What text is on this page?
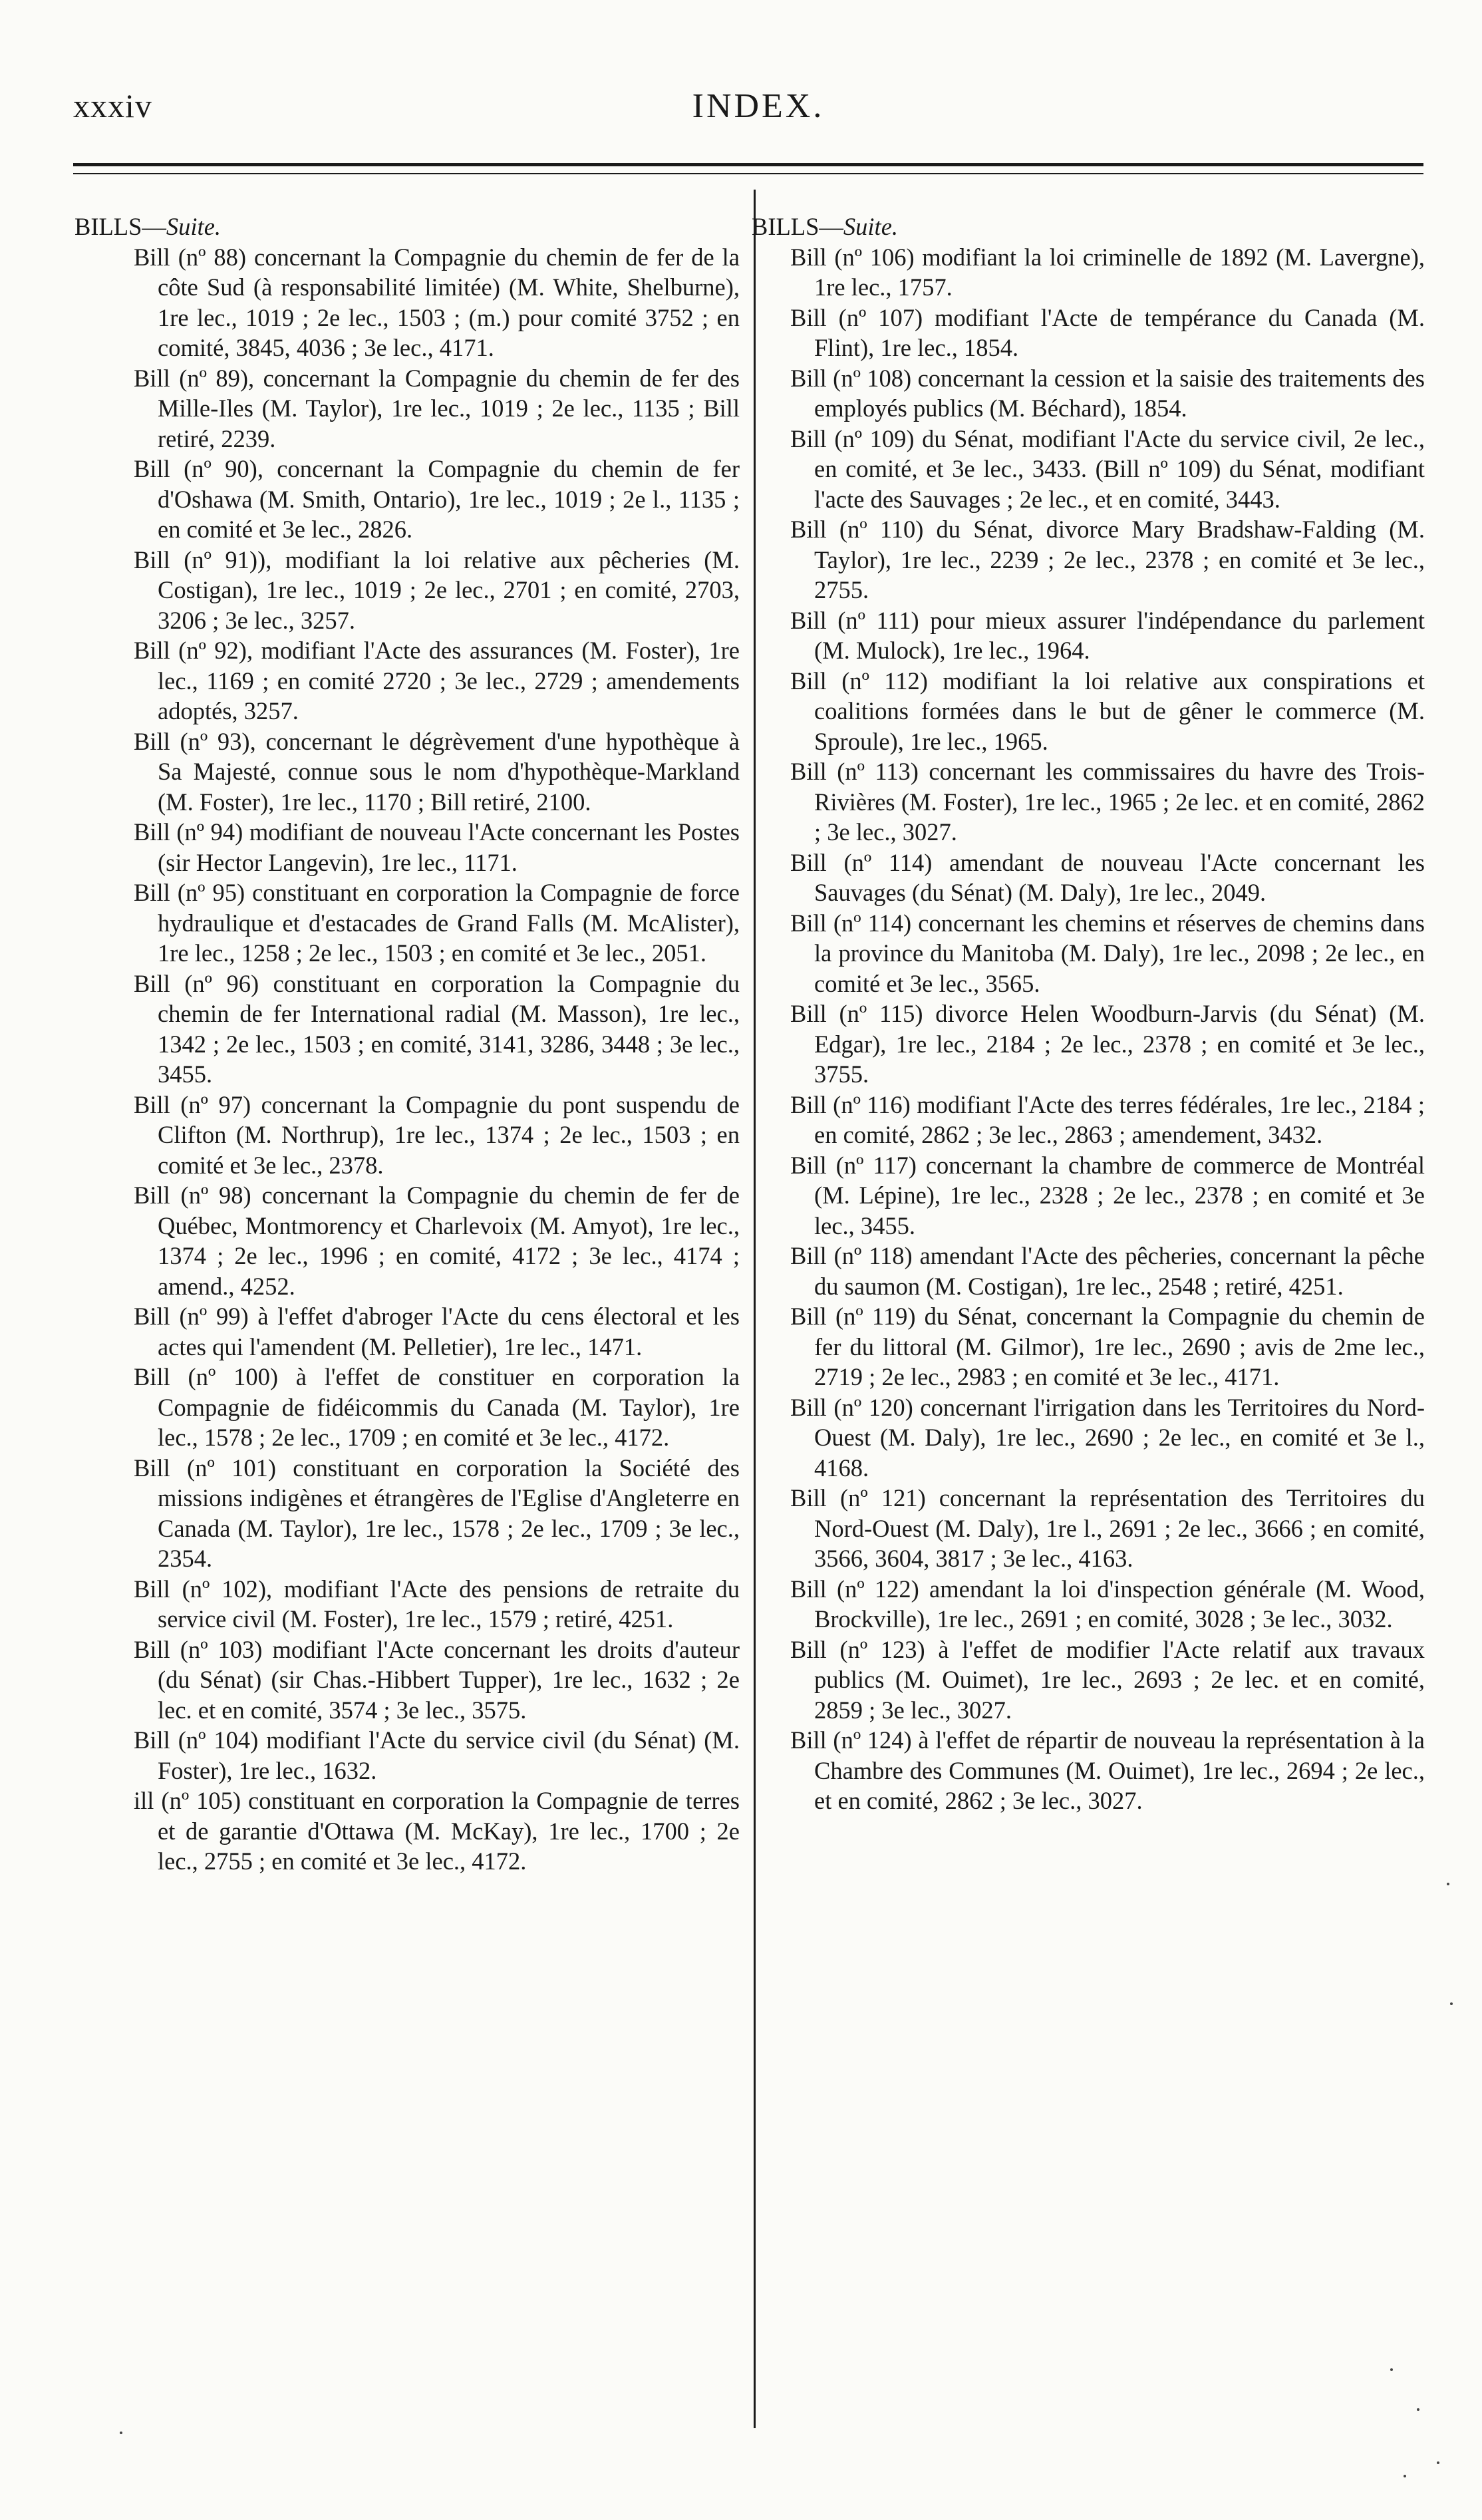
xxxiv	INDEX.

BILLS—Suite.

Bill (nº 88) concernant la Compagnie du chemin de fer de la côte Sud (à responsabilité limitée) (M. White, Shelburne), 1re lec., 1019 ; 2e lec., 1503 ; (m.) pour comité 3752 ; en comité, 3845, 4036 ; 3e lec., 4171.

Bill (nº 89), concernant la Compagnie du chemin de fer des Mille-Iles (M. Taylor), 1re lec., 1019 ; 2e lec., 1135 ; Bill retiré, 2239.

Bill (nº 90), concernant la Compagnie du chemin de fer d'Oshawa (M. Smith, Ontario), 1re lec., 1019 ; 2e l., 1135 ; en comité et 3e lec., 2826.

Bill (nº 91)), modifiant la loi relative aux pêcheries (M. Costigan), 1re lec., 1019 ; 2e lec., 2701 ; en comité, 2703, 3206 ; 3e lec., 3257.

Bill (nº 92), modifiant l'Acte des assurances (M. Foster), 1re lec., 1169 ; en comité 2720 ; 3e lec., 2729 ; amendements adoptés, 3257.

Bill (nº 93), concernant le dégrèvement d'une hypothèque à Sa Majesté, connue sous le nom d'hypothèque-Markland (M. Foster), 1re lec., 1170 ; Bill retiré, 2100.

Bill (nº 94) modifiant de nouveau l'Acte concernant les Postes (sir Hector Langevin), 1re lec., 1171.

Bill (nº 95) constituant en corporation la Compagnie de force hydraulique et d'estacades de Grand Falls (M. McAlister), 1re lec., 1258 ; 2e lec., 1503 ; en comité et 3e lec., 2051.

Bill (nº 96) constituant en corporation la Compagnie du chemin de fer International radial (M. Masson), 1re lec., 1342 ; 2e lec., 1503 ; en comité, 3141, 3286, 3448 ; 3e lec., 3455.

Bill (nº 97) concernant la Compagnie du pont suspendu de Clifton (M. Northrup), 1re lec., 1374 ; 2e lec., 1503 ; en comité et 3e lec., 2378.

Bill (nº 98) concernant la Compagnie du chemin de fer de Québec, Montmorency et Charlevoix (M. Amyot), 1re lec., 1374 ; 2e lec., 1996 ; en comité, 4172 ; 3e lec., 4174 ; amend., 4252.

Bill (nº 99) à l'effet d'abroger l'Acte du cens électoral et les actes qui l'amendent (M. Pelletier), 1re lec., 1471.

Bill (nº 100) à l'effet de constituer en corporation la Compagnie de fidéicommis du Canada (M. Taylor), 1re lec., 1578 ; 2e lec., 1709 ; en comité et 3e lec., 4172.

Bill (nº 101) constituant en corporation la Société des missions indigènes et étrangères de l'Eglise d'Angleterre en Canada (M. Taylor), 1re lec., 1578 ; 2e lec., 1709 ; 3e lec., 2354.

Bill (nº 102), modifiant l'Acte des pensions de retraite du service civil (M. Foster), 1re lec., 1579 ; retiré, 4251.

Bill (nº 103) modifiant l'Acte concernant les droits d'auteur (du Sénat) (sir Chas.-Hibbert Tupper), 1re lec., 1632 ; 2e lec. et en comité, 3574 ; 3e lec., 3575.

Bill (nº 104) modifiant l'Acte du service civil (du Sénat) (M. Foster), 1re lec., 1632.

ill (nº 105) constituant en corporation la Compagnie de terres et de garantie d'Ottawa (M. McKay), 1re lec., 1700 ; 2e lec., 2755 ; en comité et 3e lec., 4172.

BILLS—Suite.

Bill (nº 106) modifiant la loi criminelle de 1892 (M. Lavergne), 1re lec., 1757.

Bill (nº 107) modifiant l'Acte de tempérance du Canada (M. Flint), 1re lec., 1854.

Bill (nº 108) concernant la cession et la saisie des traitements des employés publics (M. Béchard), 1854.

Bill (nº 109) du Sénat, modifiant l'Acte du service civil, 2e lec., en comité, et 3e lec., 3433. (Bill nº 109) du Sénat, modifiant l'acte des Sauvages ; 2e lec., et en comité, 3443.

Bill (nº 110) du Sénat, divorce Mary Bradshaw-Falding (M. Taylor), 1re lec., 2239 ; 2e lec., 2378 ; en comité et 3e lec., 2755.

Bill (nº 111) pour mieux assurer l'indépendance du parlement (M. Mulock), 1re lec., 1964.

Bill (nº 112) modifiant la loi relative aux conspirations et coalitions formées dans le but de gêner le commerce (M. Sproule), 1re lec., 1965.

Bill (nº 113) concernant les commissaires du havre des Trois-Rivières (M. Foster), 1re lec., 1965 ; 2e lec. et en comité, 2862 ; 3e lec., 3027.

Bill (nº 114) amendant de nouveau l'Acte concernant les Sauvages (du Sénat) (M. Daly), 1re lec., 2049.

Bill (nº 114) concernant les chemins et réserves de chemins dans la province du Manitoba (M. Daly), 1re lec., 2098 ; 2e lec., en comité et 3e lec., 3565.

Bill (nº 115) divorce Helen Woodburn-Jarvis (du Sénat) (M. Edgar), 1re lec., 2184 ; 2e lec., 2378 ; en comité et 3e lec., 3755.

Bill (nº 116) modifiant l'Acte des terres fédérales, 1re lec., 2184 ; en comité, 2862 ; 3e lec., 2863 ; amendement, 3432.

Bill (nº 117) concernant la chambre de commerce de Montréal (M. Lépine), 1re lec., 2328 ; 2e lec., 2378 ; en comité et 3e lec., 3455.

Bill (nº 118) amendant l'Acte des pêcheries, concernant la pêche du saumon (M. Costigan), 1re lec., 2548 ; retiré, 4251.

Bill (nº 119) du Sénat, concernant la Compagnie du chemin de fer du littoral (M. Gilmor), 1re lec., 2690 ; avis de 2me lec., 2719 ; 2e lec., 2983 ; en comité et 3e lec., 4171.

Bill (nº 120) concernant l'irrigation dans les Territoires du Nord-Ouest (M. Daly), 1re lec., 2690 ; 2e lec., en comité et 3e l., 4168.

Bill (nº 121) concernant la représentation des Territoires du Nord-Ouest (M. Daly), 1re l., 2691 ; 2e lec., 3666 ; en comité, 3566, 3604, 3817 ; 3e lec., 4163.

Bill (nº 122) amendant la loi d'inspection générale (M. Wood, Brockville), 1re lec., 2691 ; en comité, 3028 ; 3e lec., 3032.

Bill (nº 123) à l'effet de modifier l'Acte relatif aux travaux publics (M. Ouimet), 1re lec., 2693 ; 2e lec. et en comité, 2859 ; 3e lec., 3027.

Bill (nº 124) à l'effet de répartir de nouveau la représentation à la Chambre des Communes (M. Ouimet), 1re lec., 2694 ; 2e lec., et en comité, 2862 ; 3e lec., 3027.
